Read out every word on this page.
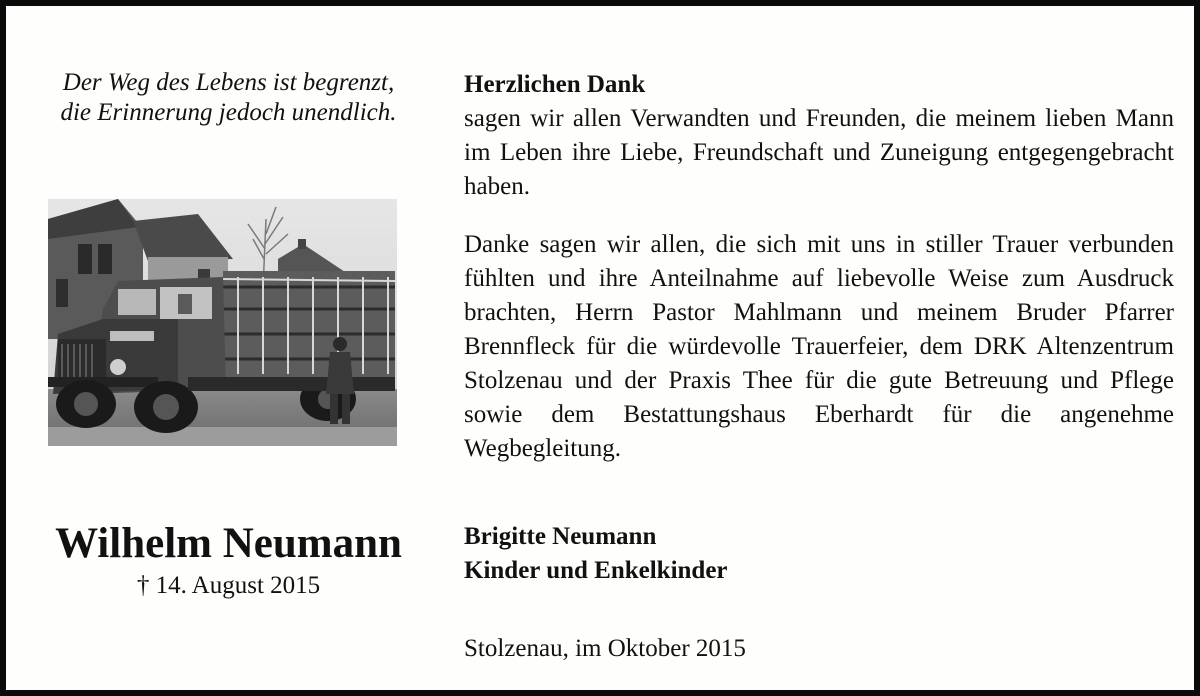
Der Weg des Lebens ist begrenzt,
die Erinnerung jedoch unendlich.
Wilhelm Neumann
† 14. August 2015
Herzlichen Dank

sagen wir allen Verwandten und Freunden, die meinem lieben Mann im Leben ihre Liebe, Freundschaft und Zuneigung entgegengebracht haben.

Danke sagen wir allen, die sich mit uns in stiller Trauer verbunden fühlten und ihre Anteilnahme auf liebevolle Weise zum Ausdruck brachten, Herrn Pastor Mahlmann und meinem Bruder Pfarrer Brennfleck für die würdevolle Trauerfeier, dem DRK Altenzentrum Stolzenau und der Praxis Thee für die gute Betreuung und Pflege sowie dem Bestattungshaus Eberhardt für die angenehme Wegbegleitung.

Brigitte Neumann
Kinder und Enkelkinder
Stolzenau, im Oktober 2015
